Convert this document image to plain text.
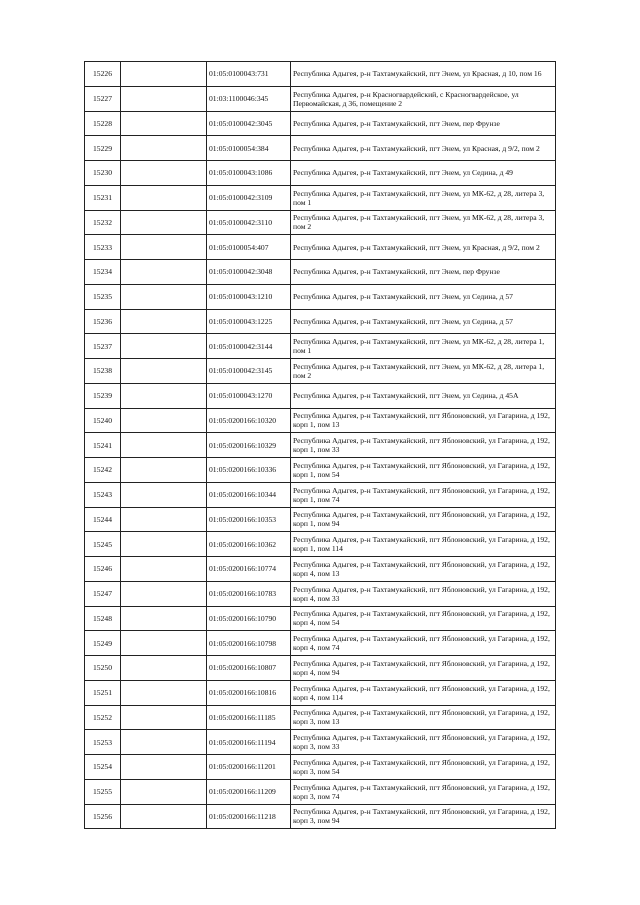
15226		01:05:0100043:731	Республика Адыгея, р-н Тахтамукайский, пгт Энем, ул Красная, д 10, пом 16
15227		01:03:1100046:345	Республика Адыгея, р-н Красногвардейский, с Красногвардейское, ул Первомайская, д 36, помещение 2
15228		01:05:0100042:3045	Республика Адыгея, р-н Тахтамукайский, пгт Энем, пер Фрунзе
15229		01:05:0100054:384	Республика Адыгея, р-н Тахтамукайский, пгт Энем, ул Красная, д 9/2, пом 2
15230		01:05:0100043:1086	Республика Адыгея, р-н Тахтамукайский, пгт Энем, ул Седина, д 49
15231		01:05:0100042:3109	Республика Адыгея, р-н Тахтамукайский, пгт Энем, ул МК-62, д 28, литера 3, пом 1
15232		01:05:0100042:3110	Республика Адыгея, р-н Тахтамукайский, пгт Энем, ул МК-62, д 28, литера 3, пом 2
15233		01:05:0100054:407	Республика Адыгея, р-н Тахтамукайский, пгт Энем, ул Красная, д 9/2, пом 2
15234		01:05:0100042:3048	Республика Адыгея, р-н Тахтамукайский, пгт Энем, пер Фрунзе
15235		01:05:0100043:1210	Республика Адыгея, р-н Тахтамукайский, пгт Энем, ул Седина, д 57
15236		01:05:0100043:1225	Республика Адыгея, р-н Тахтамукайский, пгт Энем, ул Седина, д 57
15237		01:05:0100042:3144	Республика Адыгея, р-н Тахтамукайский, пгт Энем, ул МК-62, д 28, литера 1, пом 1
15238		01:05:0100042:3145	Республика Адыгея, р-н Тахтамукайский, пгт Энем, ул МК-62, д 28, литера 1, пом 2
15239		01:05:0100043:1270	Республика Адыгея, р-н Тахтамукайский, пгт Энем, ул Седина, д 45А
15240		01:05:0200166:10320	Республика Адыгея, р-н Тахтамукайский, пгт Яблоновский, ул Гагарина, д 192, корп 1, пом 13
15241		01:05:0200166:10329	Республика Адыгея, р-н Тахтамукайский, пгт Яблоновский, ул Гагарина, д 192, корп 1, пом 33
15242		01:05:0200166:10336	Республика Адыгея, р-н Тахтамукайский, пгт Яблоновский, ул Гагарина, д 192, корп 1, пом 54
15243		01:05:0200166:10344	Республика Адыгея, р-н Тахтамукайский, пгт Яблоновский, ул Гагарина, д 192, корп 1, пом 74
15244		01:05:0200166:10353	Республика Адыгея, р-н Тахтамукайский, пгт Яблоновский, ул Гагарина, д 192, корп 1, пом 94
15245		01:05:0200166:10362	Республика Адыгея, р-н Тахтамукайский, пгт Яблоновский, ул Гагарина, д 192, корп 1, пом 114
15246		01:05:0200166:10774	Республика Адыгея, р-н Тахтамукайский, пгт Яблоновский, ул Гагарина, д 192, корп 4, пом 13
15247		01:05:0200166:10783	Республика Адыгея, р-н Тахтамукайский, пгт Яблоновский, ул Гагарина, д 192, корп 4, пом 33
15248		01:05:0200166:10790	Республика Адыгея, р-н Тахтамукайский, пгт Яблоновский, ул Гагарина, д 192, корп 4, пом 54
15249		01:05:0200166:10798	Республика Адыгея, р-н Тахтамукайский, пгт Яблоновский, ул Гагарина, д 192, корп 4, пом 74
15250		01:05:0200166:10807	Республика Адыгея, р-н Тахтамукайский, пгт Яблоновский, ул Гагарина, д 192, корп 4, пом 94
15251		01:05:0200166:10816	Республика Адыгея, р-н Тахтамукайский, пгт Яблоновский, ул Гагарина, д 192, корп 4, пом 114
15252		01:05:0200166:11185	Республика Адыгея, р-н Тахтамукайский, пгт Яблоновский, ул Гагарина, д 192, корп 3, пом 13
15253		01:05:0200166:11194	Республика Адыгея, р-н Тахтамукайский, пгт Яблоновский, ул Гагарина, д 192, корп 3, пом 33
15254		01:05:0200166:11201	Республика Адыгея, р-н Тахтамукайский, пгт Яблоновский, ул Гагарина, д 192, корп 3, пом 54
15255		01:05:0200166:11209	Республика Адыгея, р-н Тахтамукайский, пгт Яблоновский, ул Гагарина, д 192, корп 3, пом 74
15256		01:05:0200166:11218	Республика Адыгея, р-н Тахтамукайский, пгт Яблоновский, ул Гагарина, д 192, корп 3, пом 94
